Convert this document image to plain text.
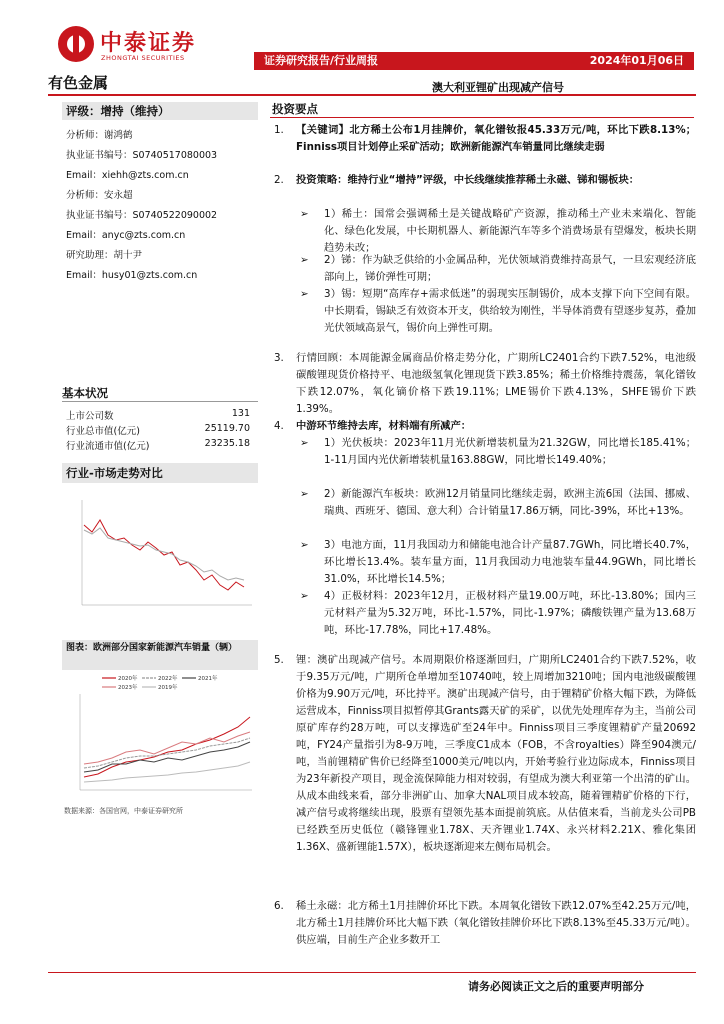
中泰证券
ZHONGTAI SECURITIES	证券研究报告/行业周报	2024年01月06日
有色金属	澳大利亚锂矿出现减产信号
评级：增持（维持）
分析师：谢鸿鹤
执业证书编号：S0740517080003
Email：xiehh@zts.com.cn
分析师：安永超
执业证书编号：S0740522090002
Email：anyc@zts.com.cn
研究助理：胡十尹
Email：husy01@zts.com.cn
基本状况
上市公司数	131
行业总市值(亿元)	25119.70
行业流通市值(亿元)	23235.18
行业-市场走势对比
图表：欧洲部分国家新能源汽车销量（辆）
2020年	2022年	2021年
2023年	2019年
数据来源：各国官网，中泰证券研究所
投资要点
1. 【关键词】北方稀土公布1月挂牌价，氧化镨钕报45.33万元/吨，环比下跌8.13%；Finniss项目计划停止采矿活动；欧洲新能源汽车销量同比继续走弱
2. 投资策略：维持行业“增持”评级，中长线继续推荐稀土永磁、锑和锡板块：
➢ 1）稀土：国常会强调稀土是关键战略矿产资源，推动稀土产业未来端化、智能化、绿色化发展，中长期机器人、新能源汽车等多个消费场景有望爆发，板块长期趋势未改；
➢ 2）锑：作为缺乏供给的小金属品种，光伏领域消费维持高景气，一旦宏观经济底部向上，锑价弹性可期；
➢ 3）锡：短期“高库存+需求低迷”的弱现实压制锡价，成本支撑下向下空间有限。中长期看，锡缺乏有效资本开支，供给较为刚性，半导体消费有望逐步复苏，叠加光伏领域高景气，锡价向上弹性可期。
3. 行情回顾：本周能源金属商品价格走势分化，广期所LC2401合约下跌7.52%，电池级碳酸锂现货价格持平、电池级氢氧化锂现货下跌3.85%；稀土价格维持震荡，氧化镨钕下跌12.07%，氧化镝价格下跌19.11%；LME锡价下跌4.13%，SHFE锡价下跌1.39%。
4. 中游环节维持去库，材料端有所减产：
➢ 1）光伏板块：2023年11月光伏新增装机量为21.32GW，同比增长185.41%；1-11月国内光伏新增装机量163.88GW，同比增长149.40%；
➢ 2）新能源汽车板块：欧洲12月销量同比继续走弱，欧洲主流6国（法国、挪威、瑞典、西班牙、德国、意大利）合计销量17.86万辆，同比-39%，环比+13%。
➢ 3）电池方面，11月我国动力和储能电池合计产量87.7GWh，同比增长40.7%，环比增长13.4%。装车量方面，11月我国动力电池装车量44.9GWh，同比增长31.0%，环比增长14.5%；
➢ 4）正极材料：2023年12月，正极材料产量19.00万吨，环比-13.80%；国内三元材料产量为5.32万吨，环比-1.57%，同比-1.97%；磷酸铁锂产量为13.68万吨，环比-17.78%，同比+17.48%。
5. 锂：澳矿出现减产信号。本周期限价格逐渐回归，广期所LC2401合约下跌7.52%，收于9.35万元/吨，广期所仓单增加至10740吨，较上周增加3210吨；国内电池级碳酸锂价格为9.90万元/吨，环比持平。澳矿出现减产信号，由于锂精矿价格大幅下跌，为降低运营成本，Finniss项目拟暂停其Grants露天矿的采矿，以优先处理库存为主，当前公司原矿库存约28万吨，可以支撑选矿至24年中。Finniss项目三季度锂精矿产量20692吨，FY24产量指引为8-9万吨，三季度C1成本（FOB，不含royalties）降至904澳元/吨，当前锂精矿售价已经降至1000美元/吨以内，开始考验行业边际成本，Finniss项目为23年新投产项目，现金流保障能力相对较弱，有望成为澳大利亚第一个出清的矿山。从成本曲线来看，部分非洲矿山、加拿大NAL项目成本较高，随着锂精矿价格的下行，减产信号或将继续出现，股票有望领先基本面提前筑底。从估值来看，当前龙头公司PB已经跌至历史低位（赣锋锂业1.78X、天齐锂业1.74X、永兴材料2.21X、雅化集团1.36X、盛新锂能1.57X），板块逐渐迎来左侧布局机会。
6. 稀土永磁：北方稀土1月挂牌价环比下跌。本周氧化镨钕下跌12.07%至42.25万元/吨，北方稀土1月挂牌价环比大幅下跌（氧化镨钕挂牌价环比下跌8.13%至45.33万元/吨）。供应端，目前生产企业多数开工
请务必阅读正文之后的重要声明部分
